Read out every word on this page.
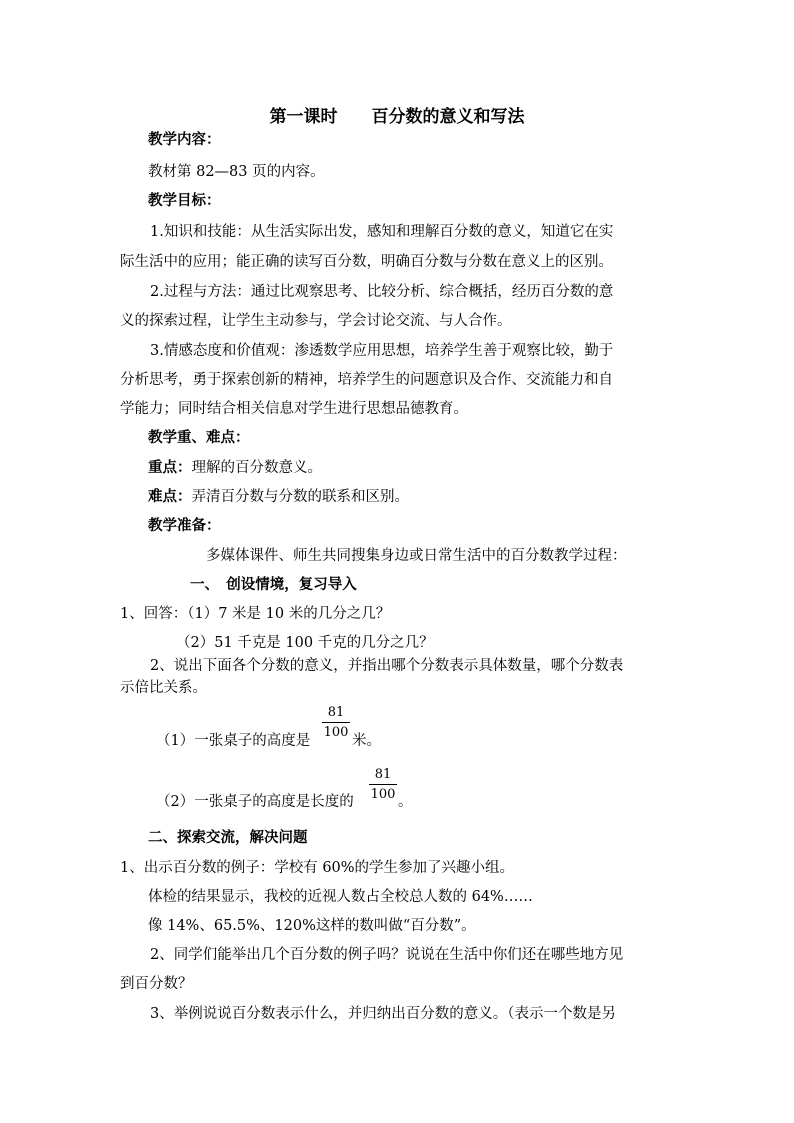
第一课时　　百分数的意义和写法
教学内容：
教材第 82—83 页的内容。
教学目标：
1.知识和技能：从生活实际出发，感知和理解百分数的意义，知道它在实
际生活中的应用；能正确的读写百分数，明确百分数与分数在意义上的区别。
2.过程与方法：通过比观察思考、比较分析、综合概括，经历百分数的意
义的探索过程，让学生主动参与，学会讨论交流、与人合作。
3.情感态度和价值观：渗透数学应用思想，培养学生善于观察比较，勤于
分析思考，勇于探索创新的精神，培养学生的问题意识及合作、交流能力和自
学能力；同时结合相关信息对学生进行思想品德教育。
教学重、难点：
重点：理解的百分数意义。
难点：弄清百分数与分数的联系和区别。
教学准备：
多媒体课件、师生共同搜集身边或日常生活中的百分数教学过程：
一、　创设情境，复习导入
1、回答：（1）7 米是 10 米的几分之几？
（2）51 千克是 100 千克的几分之几？
2、说出下面各个分数的意义，并指出哪个分数表示具体数量，哪个分数表
示倍比关系。
（1）一张桌子的高度是
81
100
米。
（2）一张桌子的高度是长度的
81
100 。
二、探索交流，解决问题
1、出示百分数的例子：学校有 60%的学生参加了兴趣小组。
体检的结果显示，我校的近视人数占全校总人数的 64%……
像 14%、65.5%、120%这样的数叫做“百分数”。
2、同学们能举出几个百分数的例子吗？说说在生活中你们还在哪些地方见
到百分数？
3、举例说说百分数表示什么，并归纳出百分数的意义。（表示一个数是另
